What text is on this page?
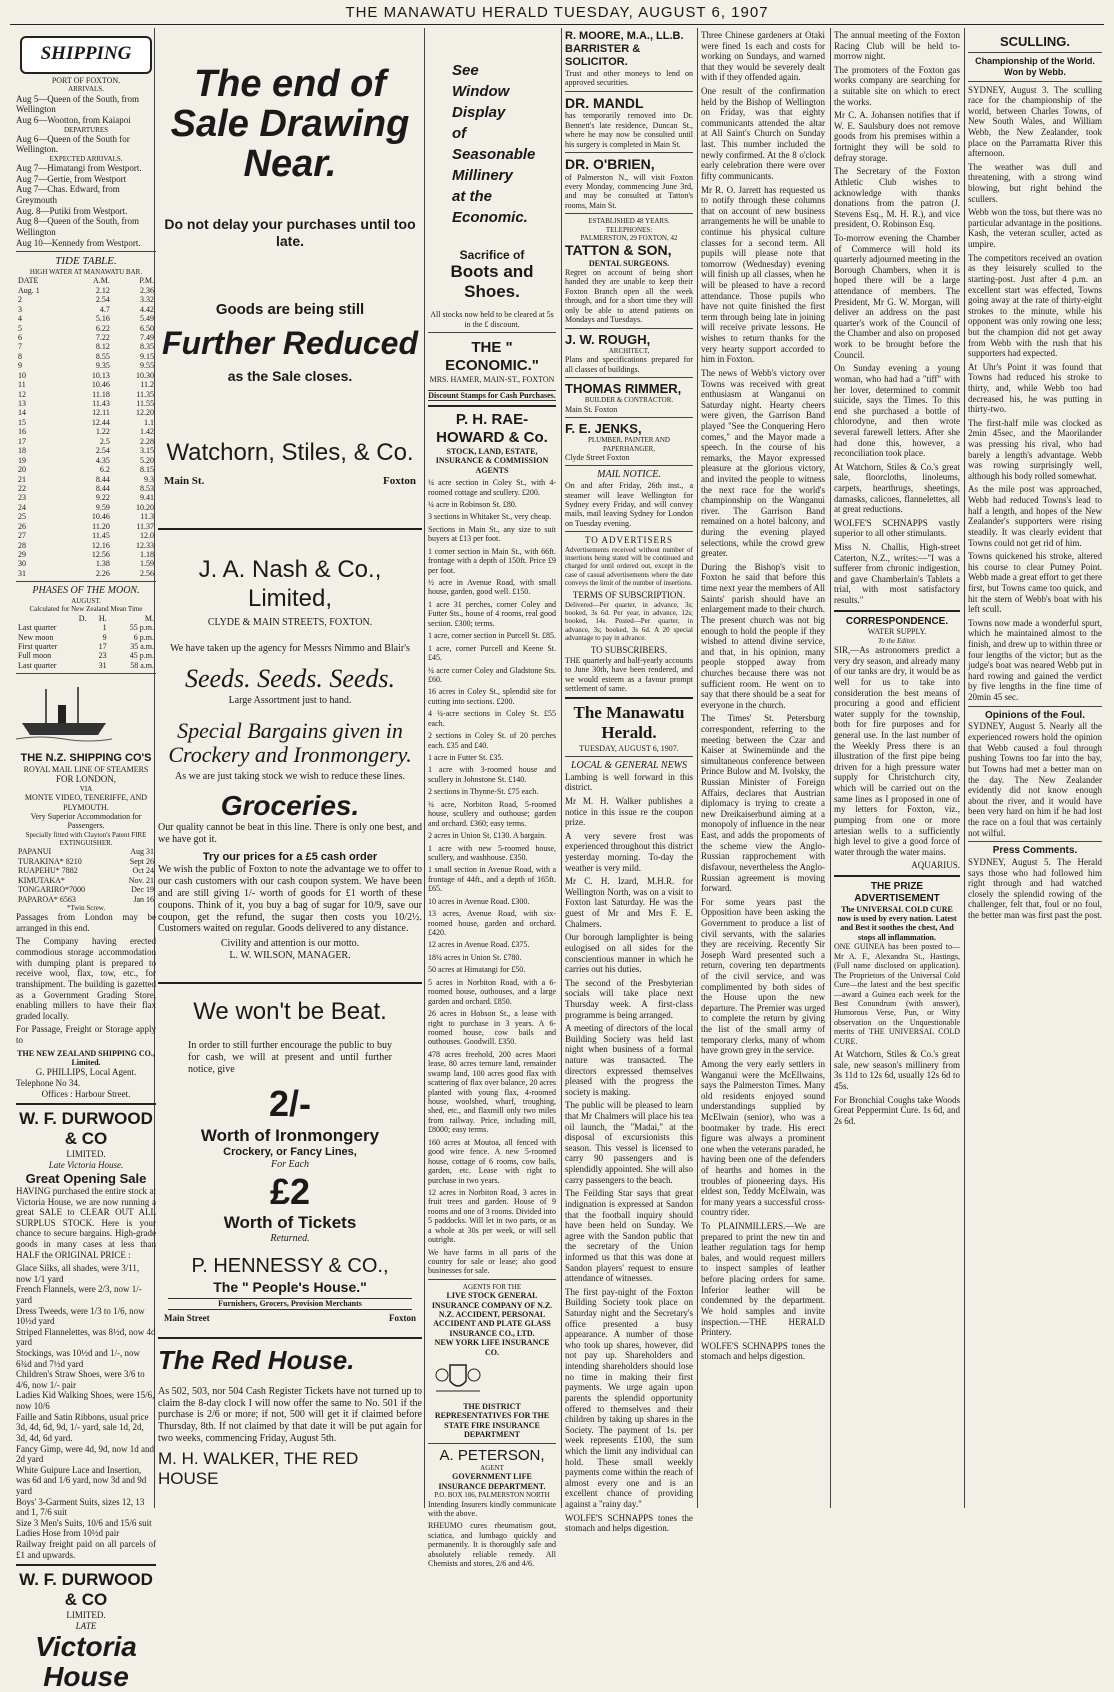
THE MANAWATU HERALD TUESDAY, AUGUST 6, 1907
SHIPPING
PORT OF FOXTON.
ARRIVALS.
Aug 5—Queen of the South, from Wellington
Aug 6—Wootton, from Kaiapoi
DEPARTURES
Aug 6—Queen of the South for Wellington.
EXPECTED ARRIVALS.
Aug 7—Himatangi from Westport.
Aug 7—Gertie, from Westport
Aug 7—Chas. Edward, from Greymouth
Aug. 8—Putiki from Westport.
Aug 8—Queen of the South, from Wellington
Aug 10—Kennedy from Westport.
TIDE TABLE.
HIGH WATER AT MANAWATU BAR.
DATE	A.M.	P.M.
Aug. 1	2.12	2.36
2	2.54	3.32
3	4.7	4.42
4	5.16	5.49
5	6.22	6.50
6	7.22	7.49
7	8.12	8.35
8	8.55	9.15
9	9.35	9.55
10	10.13	10.30
11	10.46	11.2
12	11.18	11.35
13	11.43	11.55
14	12.11	12.20
15	12.44	1.1
16	1.22	1.42
17	2.5	2.28
18	2.54	3.15
19	4.35	5.20
20	6.2	8.15
21	8.44	9.3
22	8.44	8.53
23	9.22	9.41
24	9.59	10.20
25	10.46	11.3
26	11.20	11.37
27	11.45	12.0
28	12.16	12.33
29	12.56	1.18
30	1.38	1.59
31	2.26	2.56
PHASES OF THE MOON.
AUGUST.
Calculated for New Zealand Mean Time
D.	H.	M.
Last quarter	1	55 p.m.
New moon	9	6 p.m.
First quarter	17	35 a.m.
Full moon	23	45 p.m.
Last quarter	31	58 a.m.
THE N.Z. SHIPPING CO'S
ROYAL MAIL LINE OF STEAMERS
FOR LONDON,
VIA
MONTE VIDEO, TENERIFFE, AND PLYMOUTH.
Very Superior Accommodation for Passengers.
Specially fitted with Clayton's Patent FIRE EXTINGUISHER.
PAPANUI	Aug 31
TURAKINA* 8210	Sept 26
RUAPEHU* 7882	Oct 24
KIMUTAKA*	Nov. 21
TONGARIRO*7000	Dec 19
PAPAROA* 6563	Jan 16
*Twin Screw.

Passages from London may be arranged in this end.

The Company having erected commodious storage accommodation with dumping plant is prepared to receive wool, flax, tow, etc., for transhipment. The building is gazetted as a Government Grading Store, enabling millers to have their flax graded locally.

For Passage, Freight or Storage apply to

THE NEW ZEALAND SHIPPING CO., Limited.
G. PHILLIPS, Local Agent.
Telephone No 34.
Offices : Harbour Street.
W. F. DURWOOD & CO
LIMITED.
Late Victoria House.
Great Opening Sale

HAVING purchased the entire stock at Victoria House, we are now running a great SALE to CLEAR OUT ALL SURPLUS STOCK. Here is your chance to secure bargains. High-grade goods in many cases at less than HALF the ORIGINAL PRICE :

Glace Silks, all shades, were 3/11, now 1/1 yard
French Flannels, were 2/3, now 1/- yard
Dress Tweeds, were 1/3 to 1/6, now 10½d yard
Striped Flannelettes, was 8½d, now 4d yard
Stockings, was 10½d and 1/-, now 6¾d and 7½d yard
Children's Straw Shoes, were 3/6 to 4/6, now 1/- pair
Ladies Kid Walking Shoes, were 15/6, now 10/6
Faille and Satin Ribbons, usual price 3d, 4d, 6d, 9d, 1/- yard, sale 1d, 2d, 3d, 4d, 6d yard.
Fancy Gimp, were 4d, 9d, now 1d and 2d yard
White Guipure Lace and Insertion, was 6d and 1/6 yard, now 3d and 9d yard
Boys' 3-Garment Suits, sizes 12, 13 and 1, 7/6 suit
Size 3 Men's Suits, 10/6 and 15/6 suit
Ladies Hose from 10½d pair

Railway freight paid on all parcels of £1 and upwards.

W. F. DURWOOD & CO
LIMITED.
LATE
Victoria House
The end of Sale Drawing Near.
Do not delay your purchases until too late.
Goods are being still
Further Reduced
as the Sale closes.
Watchorn, Stiles, & Co.
Main St.	Foxton
J. A. Nash & Co., Limited,
CLYDE & MAIN STREETS, FOXTON.
We have taken up the agency for Messrs Nimmo and Blair's
Seeds. Seeds. Seeds.
Large Assortment just to hand.
Special Bargains given in Crockery and Ironmongery.
As we are just taking stock we wish to reduce these lines.
Groceries.

Our quality cannot be beat in this line. There is only one best, and we have got it.

Try our prices for a £5 cash order

We wish the public of Foxton to note the advantage we to offer to our cash customers with our cash coupon system. We have been and are still giving 1/- worth of goods for £1 worth of these coupons. Think of it, you buy a bag of sugar for 10/9, save our coupon, get the refund, the sugar then costs you 10/2½. Customers waited on regular. Goods delivered to any distance.

Civility and attention is our motto.
L. W. WILSON, MANAGER.
We won't be Beat.

In order to still further encourage the public to buy for cash, we will at present and until further notice, give

2/-
Worth of Ironmongery
Crockery, or Fancy Lines,
For Each
£2
Worth of Tickets
Returned.
P. HENNESSY & CO.,
The " People's House."
Furnishers, Grocers, Provision Merchants
Main Street	Foxton
The Red House.

As 502, 503, nor 504 Cash Register Tickets have not turned up to claim the 8-day clock I will now offer the same to No. 501 if the purchase is 2/6 or more; if not, 500 will get it if claimed before Thursday, 8th. If not claimed by that date it will be put again for two weeks, commencing Friday, August 5th.

M. H. WALKER, THE RED HOUSE
See
Window
Display
of
Seasonable
Millinery
at the
Economic.
Sacrifice of
Boots and Shoes.
All stocks now held to be cleared at 5s in the £ discount.
THE " ECONOMIC."
MRS. HAMER, MAIN-ST., FOXTON
Discount Stamps for Cash Purchases.
P. H. RAE-HOWARD & Co.
STOCK, LAND, ESTATE, INSURANCE & COMMISSION AGENTS

¼ acre section in Coley St., with 4-roomed cottage and scullery. £200.

¼ acre in Robinson St. £80.

3 sections in Whitaker St., very cheap.

Sections in Main St., any size to suit buyers at £13 per foot.

1 corner section in Main St., with 66ft. frontage with a depth of 150ft. Price £9 per foot.

½ acre in Avenue Road, with small house, garden, good well. £150.

1 acre 31 perches, corner Coley and Futter Sts., house of 4 rooms, real good section. £300; terms.

1 acre, corner section in Purcell St. £85.

1 acre, corner Purcell and Keene St. £45.

¼ acre corner Coley and Gladstone Sts. £60.

16 acres in Coley St., splendid site for cutting into sections. £200.

4 ¼-acre sections in Coley St. £55 each.

2 sections in Coley St. of 20 perches each. £35 and £40.

1 acre in Futter St. £35.

1 acre with 3-roomed house and scullery in Johnstone St. £140.

2 sections in Thynne-St. £75 each.

¼ acre, Norbiton Road, 5-roomed house, scullery and outhouse; garden and orchard. £360; easy terms.

2 acres in Union St. £130. A bargain.

1 acre with new 5-roomed house, scullery, and washhouse. £350.

1 small section in Avenue Road, with a frontage of 44ft., and a depth of 165ft. £65.

10 acres in Avenue Road. £300.

13 acres, Avenue Road, with six-roomed house, garden and orchard. £420.

12 acres in Avenue Road. £375.

18¼ acres in Union St. £780.

50 acres at Himatangi for £50.

5 acres in Norbiton Road, with a 6-roomed house, outhouses, and a large garden and orchard. £850.

26 acres in Hobson St., a lease with right to purchase in 3 years. A 6-roomed house, cow bails and outhouses. Goodwill. £350.

478 acres freehold, 200 acres Maori lease, 80 acres ternure land, remainder swamp land, 100 acres good flax with scattering of flax over balance, 20 acres planted with young flax, 4-roomed house, woolshed, wharf, troughing, shed, etc., and flaxmill only two miles from railway. Price, including mill, £8000; easy terms.

160 acres at Moutoa, all fenced with good wire fence. A new 5-roomed house, cottage of 6 rooms, cow bails, garden, etc. Lease with right to purchase in two years.

12 acres in Norbiton Road, 3 acres in fruit trees and garden. House of 9 rooms and one of 3 rooms. Divided into 5 paddocks. Will let in two parts, or as a whole at 30s per week, or will sell outright.

We have farms in all parts of the country for sale or lease; also good businesses for sale.

AGENTS FOR THE
LIVE STOCK GENERAL INSURANCE COMPANY OF N.Z.
N.Z. ACCIDENT, PERSONAL ACCIDENT AND PLATE GLASS INSURANCE CO., LTD.
NEW YORK LIFE INSURANCE CO.
THE DISTRICT REPRESENTATIVES FOR THE STATE FIRE INSURANCE DEPARTMENT
A. PETERSON,
AGENT
GOVERNMENT LIFE INSURANCE DEPARTMENT.
P.O. BOX 186, PALMERSTON NORTH

Intending Insurers kindly communicate with the above.

RHEUMO cures rheumatism gout, sciatica, and lumbago quickly and permanently. It is thoroughly safe and absolutely reliable remedy. All Chemists and stores, 2/6 and 4/6.

R. MOORE, M.A., LL.B. BARRISTER & SOLICITOR.

Trust and other moneys to lend on approved securities.

DR. MANDL

has temporarily removed into Dr. Bennett's late residence, Duncan St., where he may now be consulted until his surgery is completed in Main St.

DR. O'BRIEN,

of Palmerston N., will visit Foxton every Monday, commencing June 3rd, and may be consulted at Tatton's rooms, Main St.

ESTABLISHED 48 YEARS.
TELEPHONES:
PALMERSTON, 29 FOXTON, 42
TATTON & SON,
DENTAL SURGEONS.

Regret on account of being short handed they are unable to keep their Foxton Branch open all the week through, and for a short time they will only be able to attend patients on Mondays and Tuesdays.

J. W. ROUGH,
ARCHITECT,

Plans and specifications prepared for all classes of buildings.

THOMAS RIMMER,
BUILDER & CONTRACTOR.
Main St. Foxton
F. E. JENKS,
PLUMBER, PAINTER AND PAPERHANGER,
Clyde Street Foxton
MAIL NOTICE.

On and after Friday, 26th inst., a steamer will leave Wellington for Sydney every Friday, and will convey mails, mail leaving Sydney for London on Tuesday evening.

TO ADVERTISERS

Advertisements received without number of insertions being stated will be continued and charged for until ordered out, except in the case of casual advertisements where the date conveys the limit of the number of insertions.

TERMS OF SUBSCRIPTION.

Delivered—Per quarter, in advance, 3s; booked, 3s 6d. Per year, in advance, 12s; booked, 14s. Posted—Per quarter, in advance, 3s; booked, 3s 6d. A 20 special advantage to pay in advance.

TO SUBSCRIBERS.

THE quarterly and half-yearly accounts to June 30th, have been rendered, and we would esteem as a favour prompt settlement of same.

The Manawatu Herald.
TUESDAY, AUGUST 6, 1907.
LOCAL & GENERAL NEWS

Lambing is well forward in this district.

Mr M. H. Walker publishes a notice in this issue re the coupon prize.

A very severe frost was experienced throughout this district yesterday morning. To-day the weather is very mild.

Mr C. H. Izard, M.H.R. for Wellington North, was on a visit to Foxton last Saturday. He was the guest of Mr and Mrs F. E. Chalmers.

Our borough lamplighter is being eulogised on all sides for the conscientious manner in which he carries out his duties.

The second of the Presbyterian socials will take place next Thursday week. A first-class programme is being arranged.

A meeting of directors of the local Building Society was held last night when business of a formal nature was transacted. The directors expressed themselves pleased with the progress the society is making.

The public will be pleased to learn that Mr Chalmers will place his tea oil launch, the "Madai," at the disposal of excursionists this season. This vessel is licensed to carry 90 passengers and is splendidly appointed. She will also carry passengers to the beach.

The Feilding Star says that great indignation is expressed at Sandon that the football inquiry should have been held on Sunday. We agree with the Sandon public that the secretary of the Union informed us that this was done at Sandon players' request to ensure attendance of witnesses.

The first pay-night of the Foxton Building Society took place on Saturday night and the Secretary's office presented a busy appearance. A number of those who took up shares, however, did not pay up. Shareholders and intending shareholders should lose no time in making their first payments. We urge again upon parents the splendid opportunity offered to themselves and their children by taking up shares in the Society. The payment of 1s. per week represents £100, the sum which the limit any individual can hold. These small weekly payments come within the reach of almost every one and is an excellent chance of providing against a "rainy day."

WOLFE'S SCHNAPPS tones the stomach and helps digestion.

Three Chinese gardeners at Otaki were fined 1s each and costs for working on Sundays, and warned that they would be severely dealt with if they offended again.

One result of the confirmation held by the Bishop of Wellington on Friday, was that eighty communicants attended the altar at All Saint's Church on Sunday last. This number included the newly confirmed. At the 8 o'clock early celebration there were over fifty communicants.

Mr R. O. Jarrett has requested us to notify through these columns that on account of new business arrangements he will be unable to continue his physical culture classes for a second term. All pupils will please note that tomorrow (Wednesday) evening will finish up all classes, when he will be pleased to have a record attendance. Those pupils who have not quite finished the first term through being late in joining will receive private lessons. He wishes to return thanks for the very hearty support accorded to him in Foxton.

The news of Webb's victory over Towns was received with great enthusiasm at Wanganui on Saturday night. Hearty cheers were given, the Garrison Band played "See the Conquering Hero comes," and the Mayor made a speech. In the course of his remarks, the Mayor expressed pleasure at the glorious victory, and invited the people to witness the next race for the world's championship on the Wanganui river. The Garrison Band remained on a hotel balcony, and during the evening played selections, while the crowd grew greater.

During the Bishop's visit to Foxton he said that before this time next year the members of All Saints' parish should have an enlargement made to their church. The present church was not big enough to hold the people if they wished to attend divine service, and that, in his opinion, many people stopped away from churches because there was not sufficient room. He went on to say that there should be a seat for everyone in the church.

The Times' St. Petersburg correspondent, referring to the meeting between the Czar and Kaiser at Swinemünde and the simultaneous conference between Prince Bulow and M. Ivolsky, the Russian Minister of Foreign Affairs, declares that Austrian diplomacy is trying to create a new Dreikaiserbund aiming at a monopoly of influence in the near East, and adds the propoments of the scheme view the Anglo-Russian rapprochement with disfavour, nevertheless the Anglo-Russian agreement is moving forward.

For some years past the Opposition have been asking the Government to produce a list of civil servants, with the salaries they are receiving. Recently Sir Joseph Ward presented such a return, covering ten departments of the civil service, and was complimented by both sides of the House upon the new departure. The Premier was urged to complete the return by giving the list of the small army of temporary clerks, many of whom have grown grey in the service.

Among the very early settlers in Wanganui were the McEllwains, says the Palmerston Times. Many old residents enjoyed sound understandings supplied by McElwain (senior), who was a bootmaker by trade. His erect figure was always a prominent one when the veterans paraded, he having been one of the defenders of hearths and homes in the troubles of pioneering days. His eldest son, Teddy McElwain, was for many years a successful cross-country rider.

To PLAINMILLERS.—We are prepared to print the new tin and leather regulation tags for hemp bales, and would request millers to inspect samples of leather before placing orders for same. Inferior leather will be condemned by the department. We hold samples and invite inspection.—THE HERALD Printery.

WOLFE'S SCHNAPPS tones the stomach and helps digestion.

The annual meeting of the Foxton Racing Club will be held to-morrow night.

The promoters of the Foxton gas works company are searching for a suitable site on which to erect the works.

Mr C. A. Johansen notifies that if W. E. Saulsbury does not remove goods from his premises within a fortnight they will be sold to defray storage.

The Secretary of the Foxton Athletic Club wishes to acknowledge with thanks donations from the patron (J. Stevens Esq., M. H. R.), and vice president, O. Robinson Esq.

To-morrow evening the Chamber of Commerce will hold its quarterly adjourned meeting in the Borough Chambers, when it is hoped there will be a large attendance of members. The President, Mr G. W. Morgan, will deliver an address on the past quarter's work of the Council of the Chamber and also on proposed work to be brought before the Council.

On Sunday evening a young woman, who had had a "tiff" with her lover, determined to commit suicide, says the Times. To this end she purchased a bottle of chlorodyne, and then wrote several farewell letters. After she had done this, however, a reconciliation took place.

At Watchorn, Stiles & Co.'s great sale, floorcloths, linoleums, carpets, hearthrugs, sheetings, damasks, calicoes, flannelettes, all at great reductions.

WOLFE'S SCHNAPPS vastly superior to all other stimulants.

Miss N. Challis, High-street Caterton, N.Z., writes:—"I was a sufferer from chronic indigestion, and gave Chamberlain's Tablets a trial, with most satisfactory results."

CORRESPONDENCE.
WATER SUPPLY.
To the Editor.

SIR,—As astronomers predict a very dry season, and already many of our tanks are dry, it would be as well for us to take into consideration the best means of procuring a good and efficient water supply for the township, both for fire purposes and for general use. In the last number of the Weekly Press there is an illustration of the first pipe being driven for a high pressure water supply for Christchurch city, which will be carried out on the same lines as I proposed in one of my letters for Foxton, viz., pumping from one or more artesian wells to a sufficiently high level to give a good force of water through the water mains.

AQUARIUS.
THE PRIZE ADVERTISEMENT
The UNIVERSAL COLD CURE now is used by every nation. Latest and Best it soothes the chest, And stops all inflammation.

ONE GUINEA has been posted to—Mr A. F., Alexandra St., Hastings, (Full name disclosed on application). The Proprietors of the Universal Cold Cure—the latest and the best specific—award a Guinea each week for the Best Conundrum (with answer), Humorous Verse, Pun, or Witty observation on the Unquestionable merits of THE UNIVERSAL COLD CURE.

At Watchorn, Stiles & Co.'s great sale, new season's millinery from 3s 11d to 12s 6d, usually 12s 6d to 45s.

For Bronchial Coughs take Woods Great Peppermint Cure. 1s 6d, and 2s 6d.

SCULLING.
Championship of the World.
Won by Webb.

SYDNEY, August 3. The sculling race for the championship of the world, between Charles Towns, of New South Wales, and William Webb, the New Zealander, took place on the Parramatta River this afternoon.

The weather was dull and threatening, with a strong wind blowing, but right behind the scullers.

Webb won the toss, but there was no particular advantage in the positions. Kash, the veteran sculler, acted as umpire.

The competitors received an ovation as they leisurely sculled to the starting-post. Just after 4 p.m. an excellent start was effected, Towns going away at the rate of thirty-eight strokes to the minute, while his opponent was only rowing one less; but the champion did not get away from Webb with the rush that his supporters had expected.

At Uhr's Point it was found that Towns had reduced his stroke to thirty, and, while Webb too had decreased his, he was putting in thirty-two.

The first-half mile was clocked as 2min 45sec, and the Maorilander was pressing his rival, who had barely a length's advantage. Webb was rowing surprisingly well, although his body rolled somewhat.

As the mile post was approached, Webb had reduced Towns's lead to half a length, and hopes of the New Zealander's supporters were rising steadily. It was clearly evident that Towns could not get rid of him.

Towns quickened his stroke, altered his course to clear Putney Point. Webb made a great effort to get there first, but Towns came too quick, and hit the stern of Webb's boat with his left scull.

Towns now made a wonderful spurt, which he maintained almost to the finish, and drew up to within three or four lengths of the victor; but as the judge's boat was neared Webb put in hard rowing and gained the verdict by five lengths in the fine time of 20min 45 sec.

Opinions of the Foul.

SYDNEY, August 5. Nearly all the experienced rowers hold the opinion that Webb caused a foul through pushing Towns too far into the bay, but Towns had met a better man on the day. The New Zealander evidently did not know enough about the river, and it would have been very hard on him if he had lost the race on a foul that was certainly not wilful.

Press Comments.

SYDNEY, August 5. The Herald says those who had followed him right through and had watched closely the splendid rowing of the challenger, felt that, foul or no foul, the better man was first past the post.
